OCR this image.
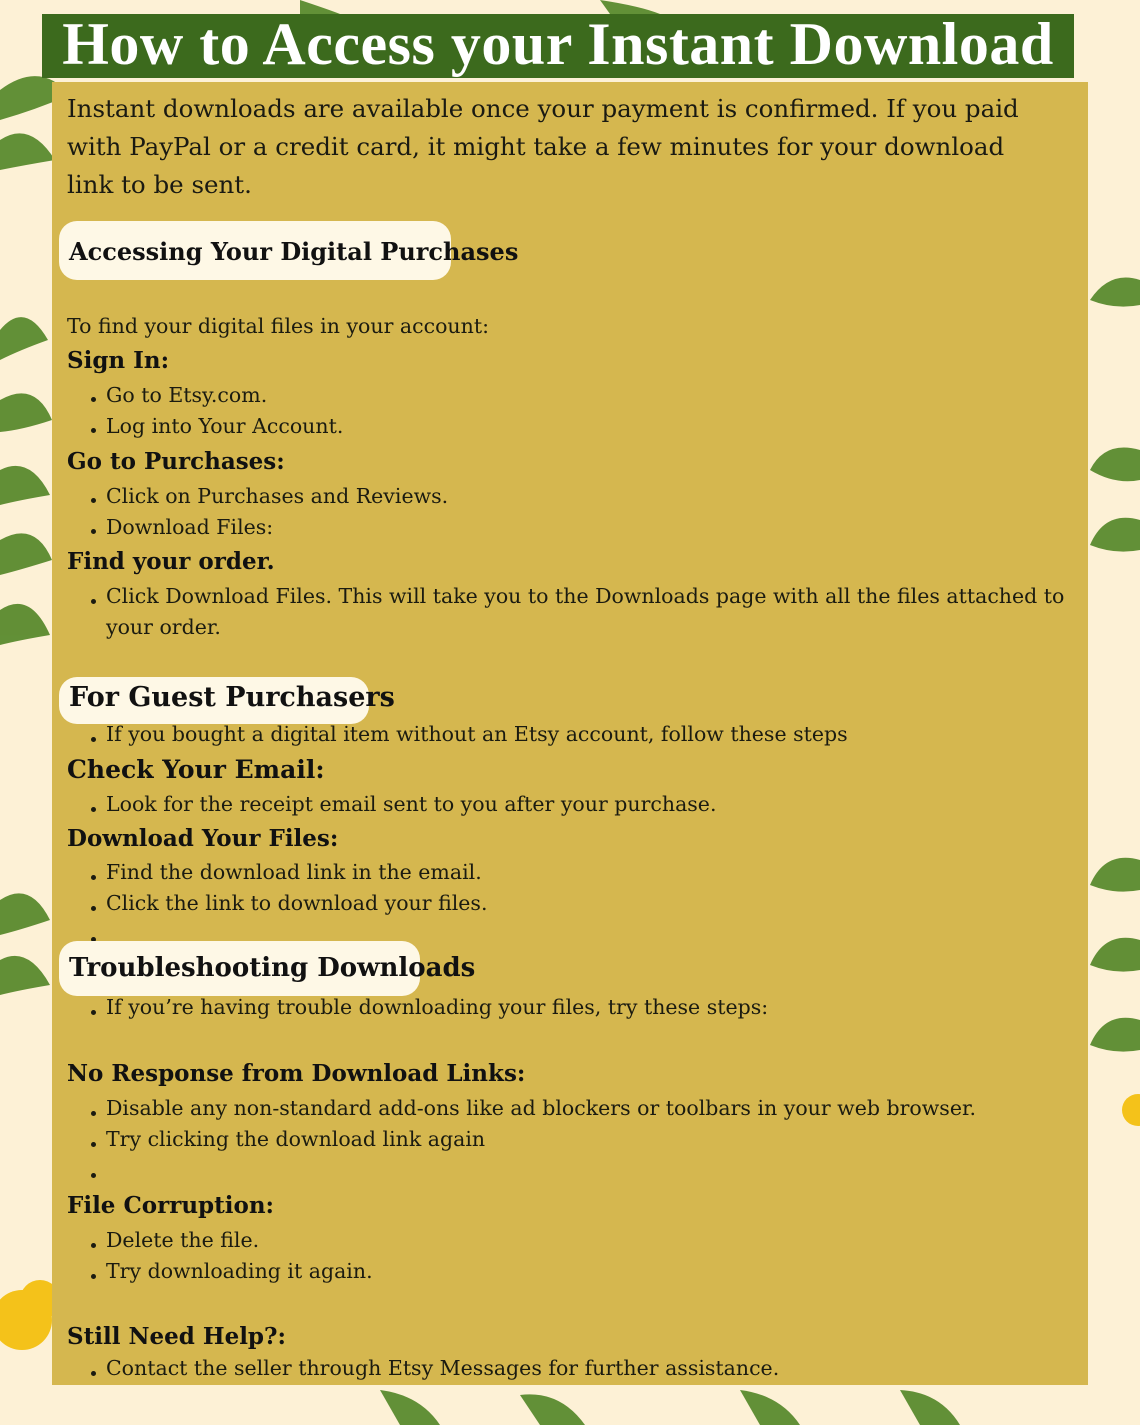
How to Access your Instant Download
Instant downloads are available once your payment is confirmed. If you paid with PayPal or a credit card, it might take a few minutes for your download link to be sent.
Accessing Your Digital Purchases
To find your digital files in your account:
Sign In:
Go to Etsy.com.
Log into Your Account.
Go to Purchases:
Click on Purchases and Reviews.
Download Files:
Find your order.
Click Download Files. This will take you to the Downloads page with all the files attached to
your order.
For Guest Purchasers
If you bought a digital item without an Etsy account, follow these steps
Check Your Email:
Look for the receipt email sent to you after your purchase.
Download Your Files:
Find the download link in the email.
Click the link to download your files.
Troubleshooting Downloads
If you’re having trouble downloading your files, try these steps:
No Response from Download Links:
Disable any non-standard add-ons like ad blockers or toolbars in your web browser.
Try clicking the download link again
File Corruption:
Delete the file.
Try downloading it again.
Still Need Help?:
Contact the seller through Etsy Messages for further assistance.
